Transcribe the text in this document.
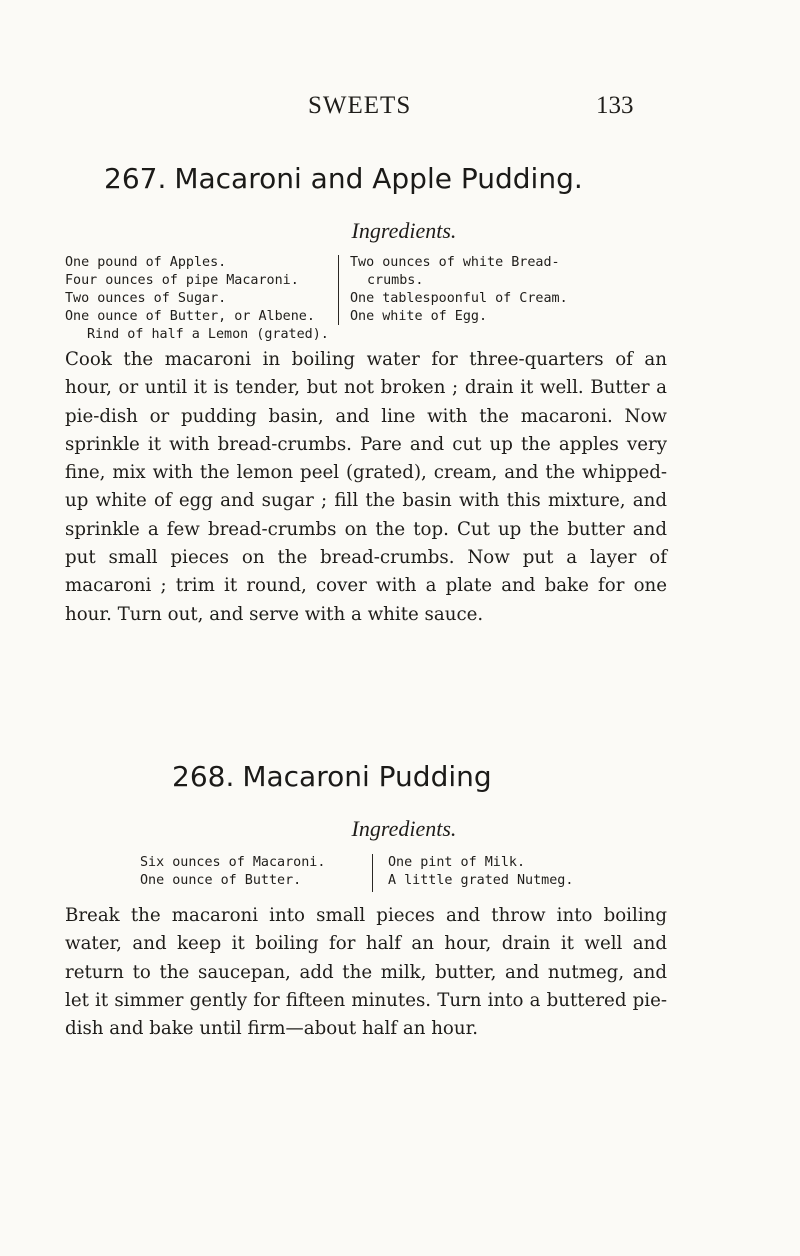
SWEETS	133
267. Macaroni and Apple Pudding.
Ingredients.
One pound of Apples.
Four ounces of pipe Macaroni.
Two ounces of Sugar.
One ounce of Butter, or Albene.
Two ounces of white Bread-
crumbs.
One tablespoonful of Cream.
One white of Egg.
Rind of half a Lemon (grated).
Cook the macaroni in boiling water for three-quarters of an hour, or until it is tender, but not broken ; drain it well. Butter a pie-dish or pudding basin, and line with the macaroni. Now sprinkle it with bread-crumbs. Pare and cut up the apples very fine, mix with the lemon peel (grated), cream, and the whipped-up white of egg and sugar ; fill the basin with this mixture, and sprinkle a few bread-crumbs on the top. Cut up the butter and put small pieces on the bread-crumbs. Now put a layer of macaroni ; trim it round, cover with a plate and bake for one hour. Turn out, and serve with a white sauce.
268. Macaroni Pudding
Ingredients.
Six ounces of Macaroni.
One ounce of Butter.
One pint of Milk.
A little grated Nutmeg.
Break the macaroni into small pieces and throw into boiling water, and keep it boiling for half an hour, drain it well and return to the saucepan, add the milk, butter, and nutmeg, and let it simmer gently for fifteen minutes. Turn into a buttered pie-dish and bake until firm—about half an hour.
